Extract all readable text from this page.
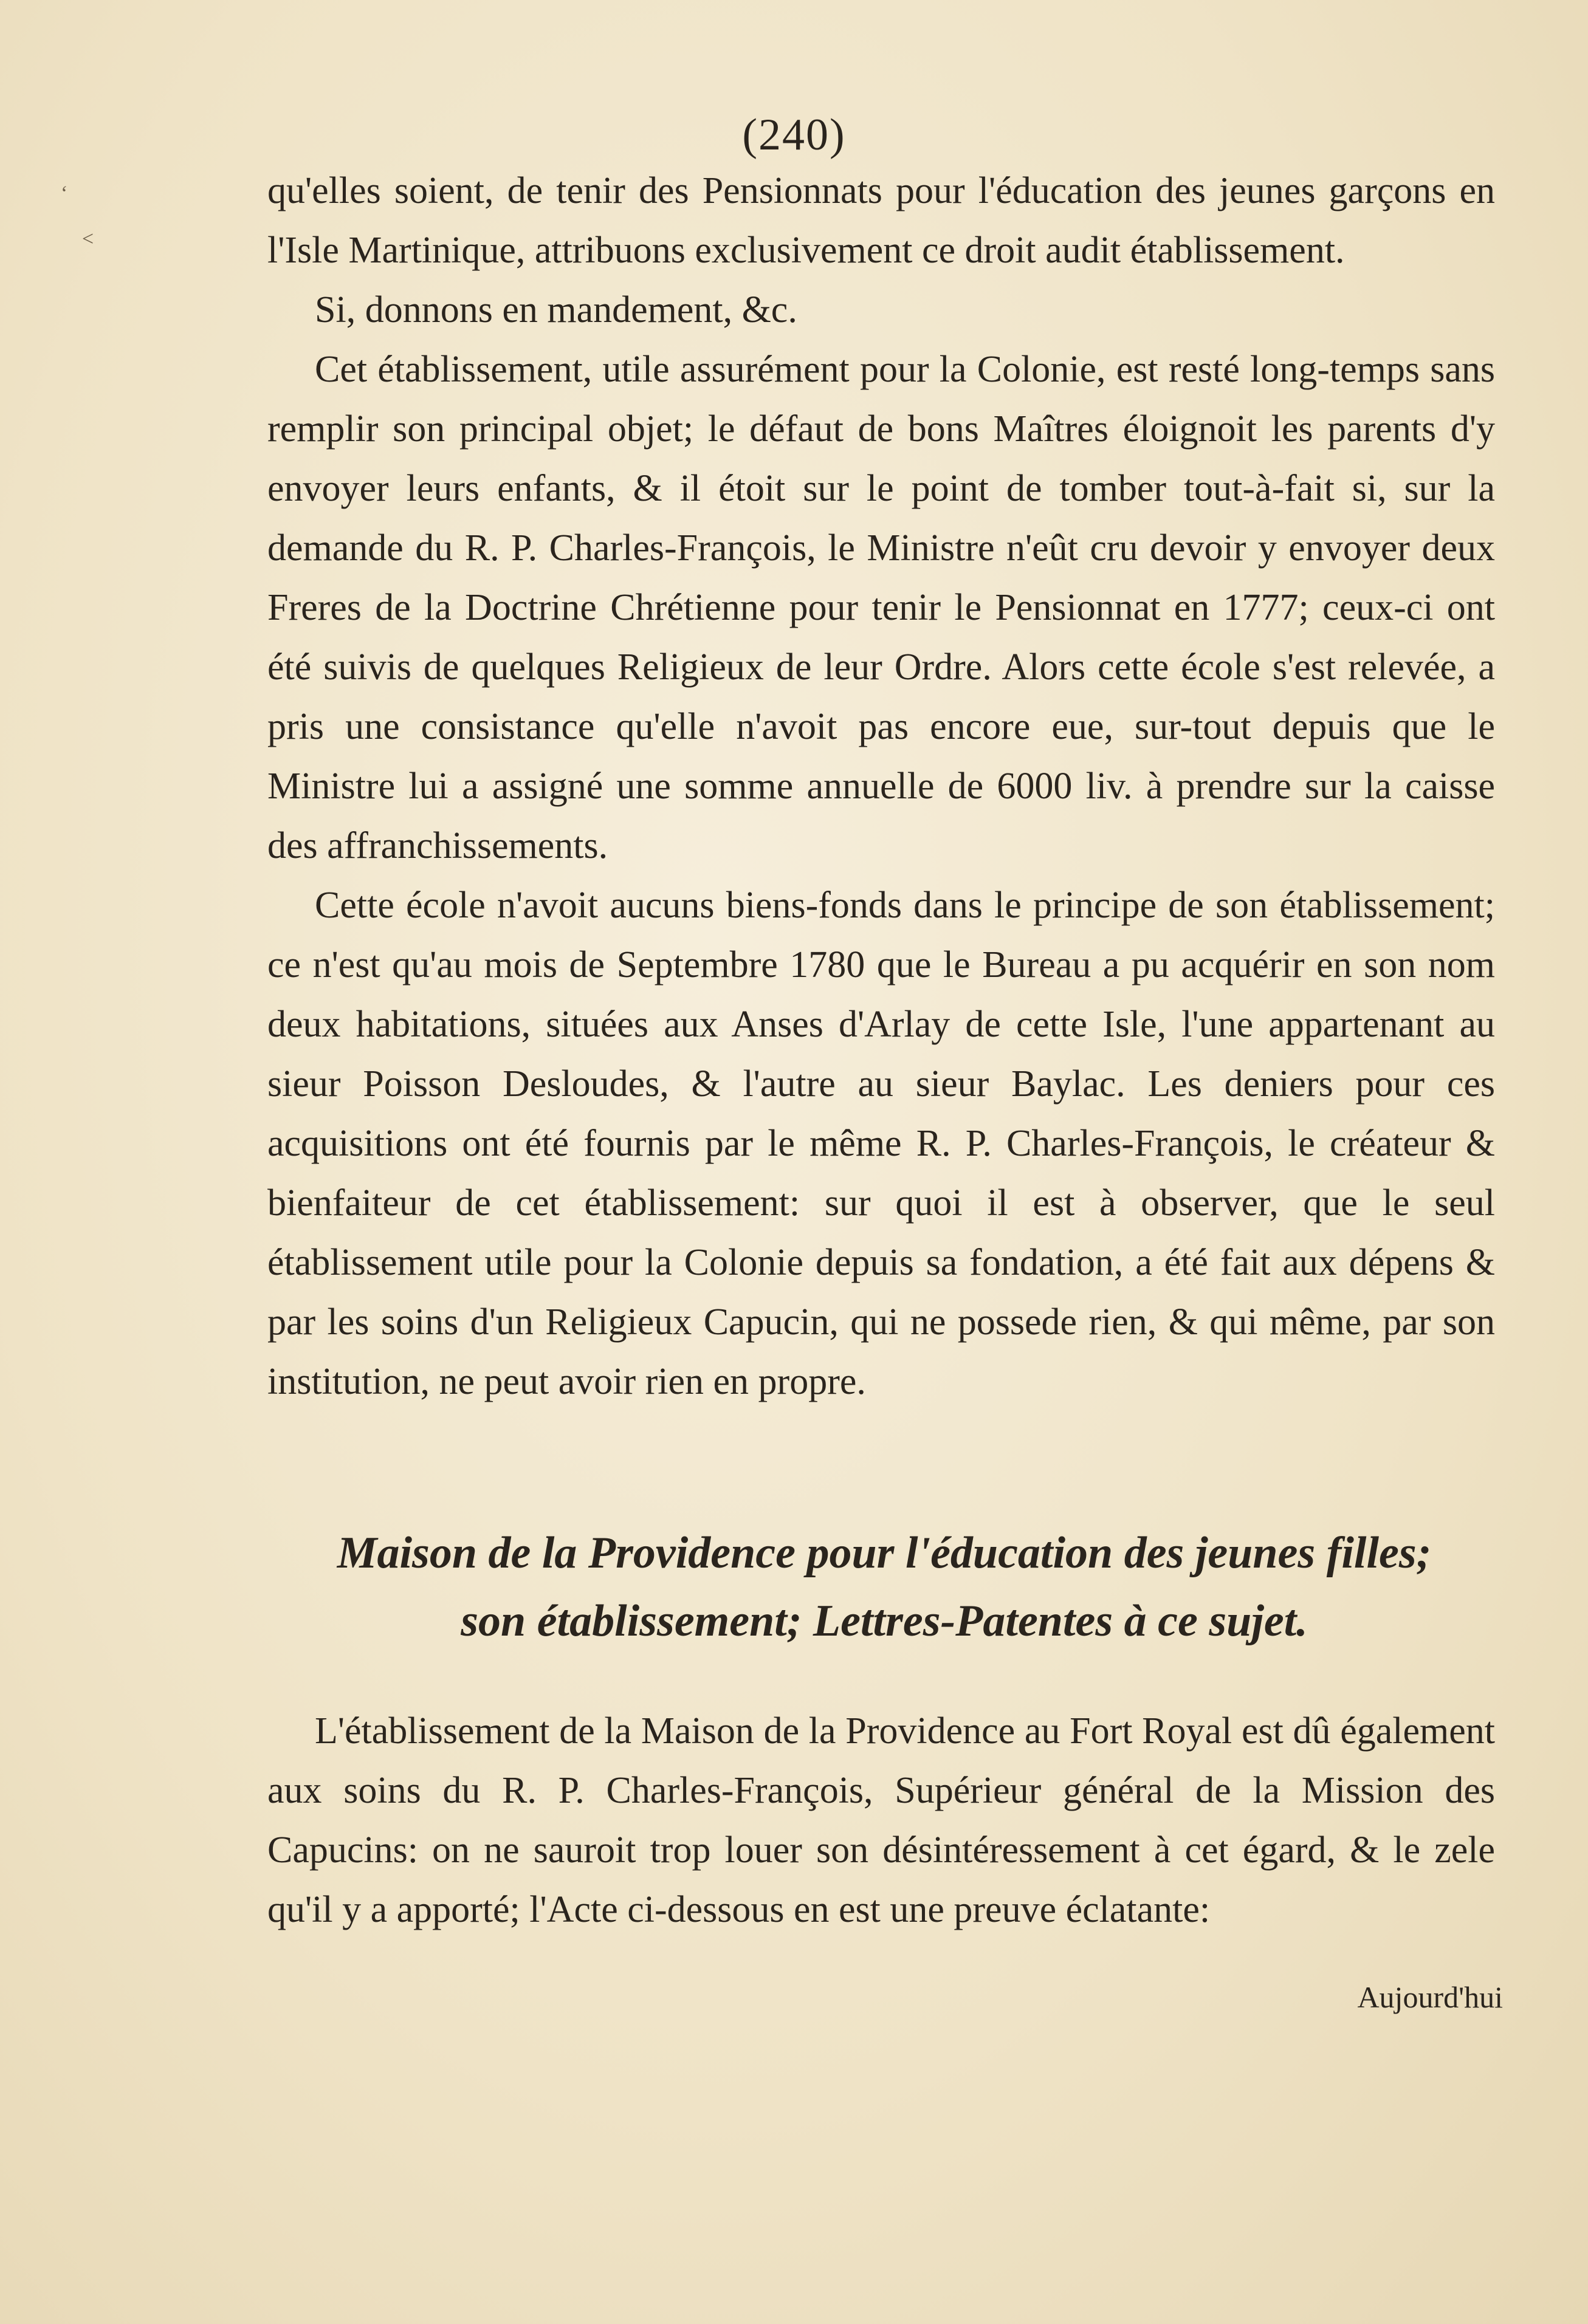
(240)
‘
˂

qu'elles soient, de tenir des Pensionnats pour l'éducation des jeunes garçons en l'Isle Martinique, attribuons exclusivement ce droit audit établissement.

Si, donnons en mandement, &c.

Cet établissement, utile assurément pour la Colonie, est resté long-temps sans remplir son principal objet; le défaut de bons Maîtres éloignoit les parents d'y envoyer leurs enfants, & il étoit sur le point de tomber tout-à-fait si, sur la demande du R. P. Charles-François, le Ministre n'eût cru devoir y envoyer deux Freres de la Doctrine Chrétienne pour tenir le Pensionnat en 1777; ceux-ci ont été suivis de quelques Religieux de leur Ordre. Alors cette école s'est relevée, a pris une consistance qu'elle n'avoit pas encore eue, sur-tout depuis que le Ministre lui a assigné une somme annuelle de 6000 liv. à prendre sur la caisse des affranchissements.

Cette école n'avoit aucuns biens-fonds dans le principe de son établissement; ce n'est qu'au mois de Septembre 1780 que le Bureau a pu acquérir en son nom deux habitations, situées aux Anses d'Arlay de cette Isle, l'une appartenant au sieur Poisson Desloudes, & l'autre au sieur Baylac. Les deniers pour ces acquisitions ont été fournis par le même R. P. Charles-François, le créateur & bienfaiteur de cet établissement: sur quoi il est à observer, que le seul établissement utile pour la Colonie depuis sa fondation, a été fait aux dépens & par les soins d'un Religieux Capucin, qui ne possede rien, & qui même, par son institution, ne peut avoir rien en propre.

Maison de la Providence pour l'éducation des jeunes filles;
son établissement; Lettres-Patentes à ce sujet.

L'établissement de la Maison de la Providence au Fort Royal est dû également aux soins du R. P. Charles-François, Supérieur général de la Mission des Capucins: on ne sauroit trop louer son désintéressement à cet égard, & le zele qu'il y a apporté; l'Acte ci-dessous en est une preuve éclatante:

Aujourd'hui
